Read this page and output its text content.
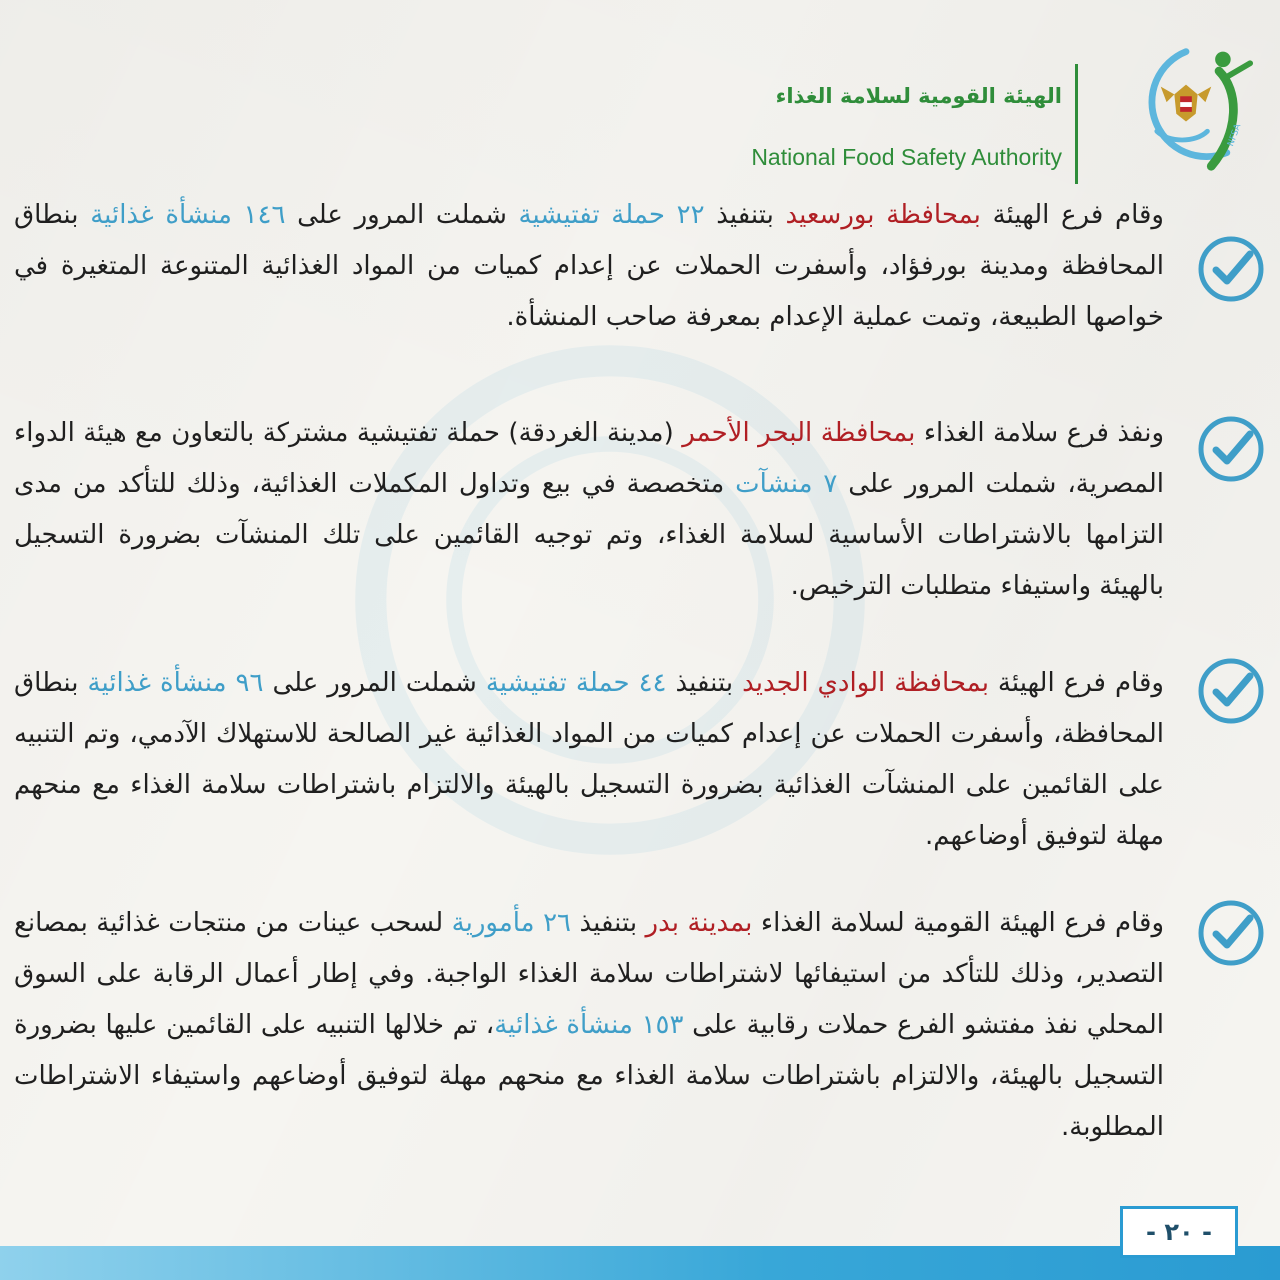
NFSA

الهيئة القومية لسلامة الغذاء

National Food Safety Authority

وقام فرع الهيئة بمحافظة بورسعيد بتنفيذ ٢٢ حملة تفتيشية شملت المرور على ١٤٦ منشأة غذائية بنطاق المحافظة ومدينة بورفؤاد، وأسفرت الحملات عن إعدام كميات من المواد الغذائية المتنوعة المتغيرة في خواصها الطبيعة، وتمت عملية الإعدام بمعرفة صاحب المنشأة.

ونفذ فرع سلامة الغذاء بمحافظة البحر الأحمر (مدينة الغردقة) حملة تفتيشية مشتركة بالتعاون مع هيئة الدواء المصرية، شملت المرور على ٧ منشآت متخصصة في بيع وتداول المكملات الغذائية، وذلك للتأكد من مدى التزامها بالاشتراطات الأساسية لسلامة الغذاء، وتم توجيه القائمين على تلك المنشآت بضرورة التسجيل بالهيئة واستيفاء متطلبات الترخيص.

وقام فرع الهيئة بمحافظة الوادي الجديد بتنفيذ ٤٤ حملة تفتيشية شملت المرور على ٩٦ منشأة غذائية بنطاق المحافظة، وأسفرت الحملات عن إعدام كميات من المواد الغذائية غير الصالحة للاستهلاك الآدمي، وتم التنبيه على القائمين على المنشآت الغذائية بضرورة التسجيل بالهيئة والالتزام باشتراطات سلامة الغذاء مع منحهم مهلة لتوفيق أوضاعهم.

وقام فرع الهيئة القومية لسلامة الغذاء بمدينة بدر بتنفيذ ٢٦ مأمورية لسحب عينات من منتجات غذائية بمصانع التصدير، وذلك للتأكد من استيفائها لاشتراطات سلامة الغذاء الواجبة. وفي إطار أعمال الرقابة على السوق المحلي نفذ مفتشو الفرع حملات رقابية على ١٥٣ منشأة غذائية، تم خلالها التنبيه على القائمين عليها بضرورة التسجيل بالهيئة، والالتزام باشتراطات سلامة الغذاء مع منحهم مهلة لتوفيق أوضاعهم واستيفاء الاشتراطات المطلوبة.

- ٢٠ -
